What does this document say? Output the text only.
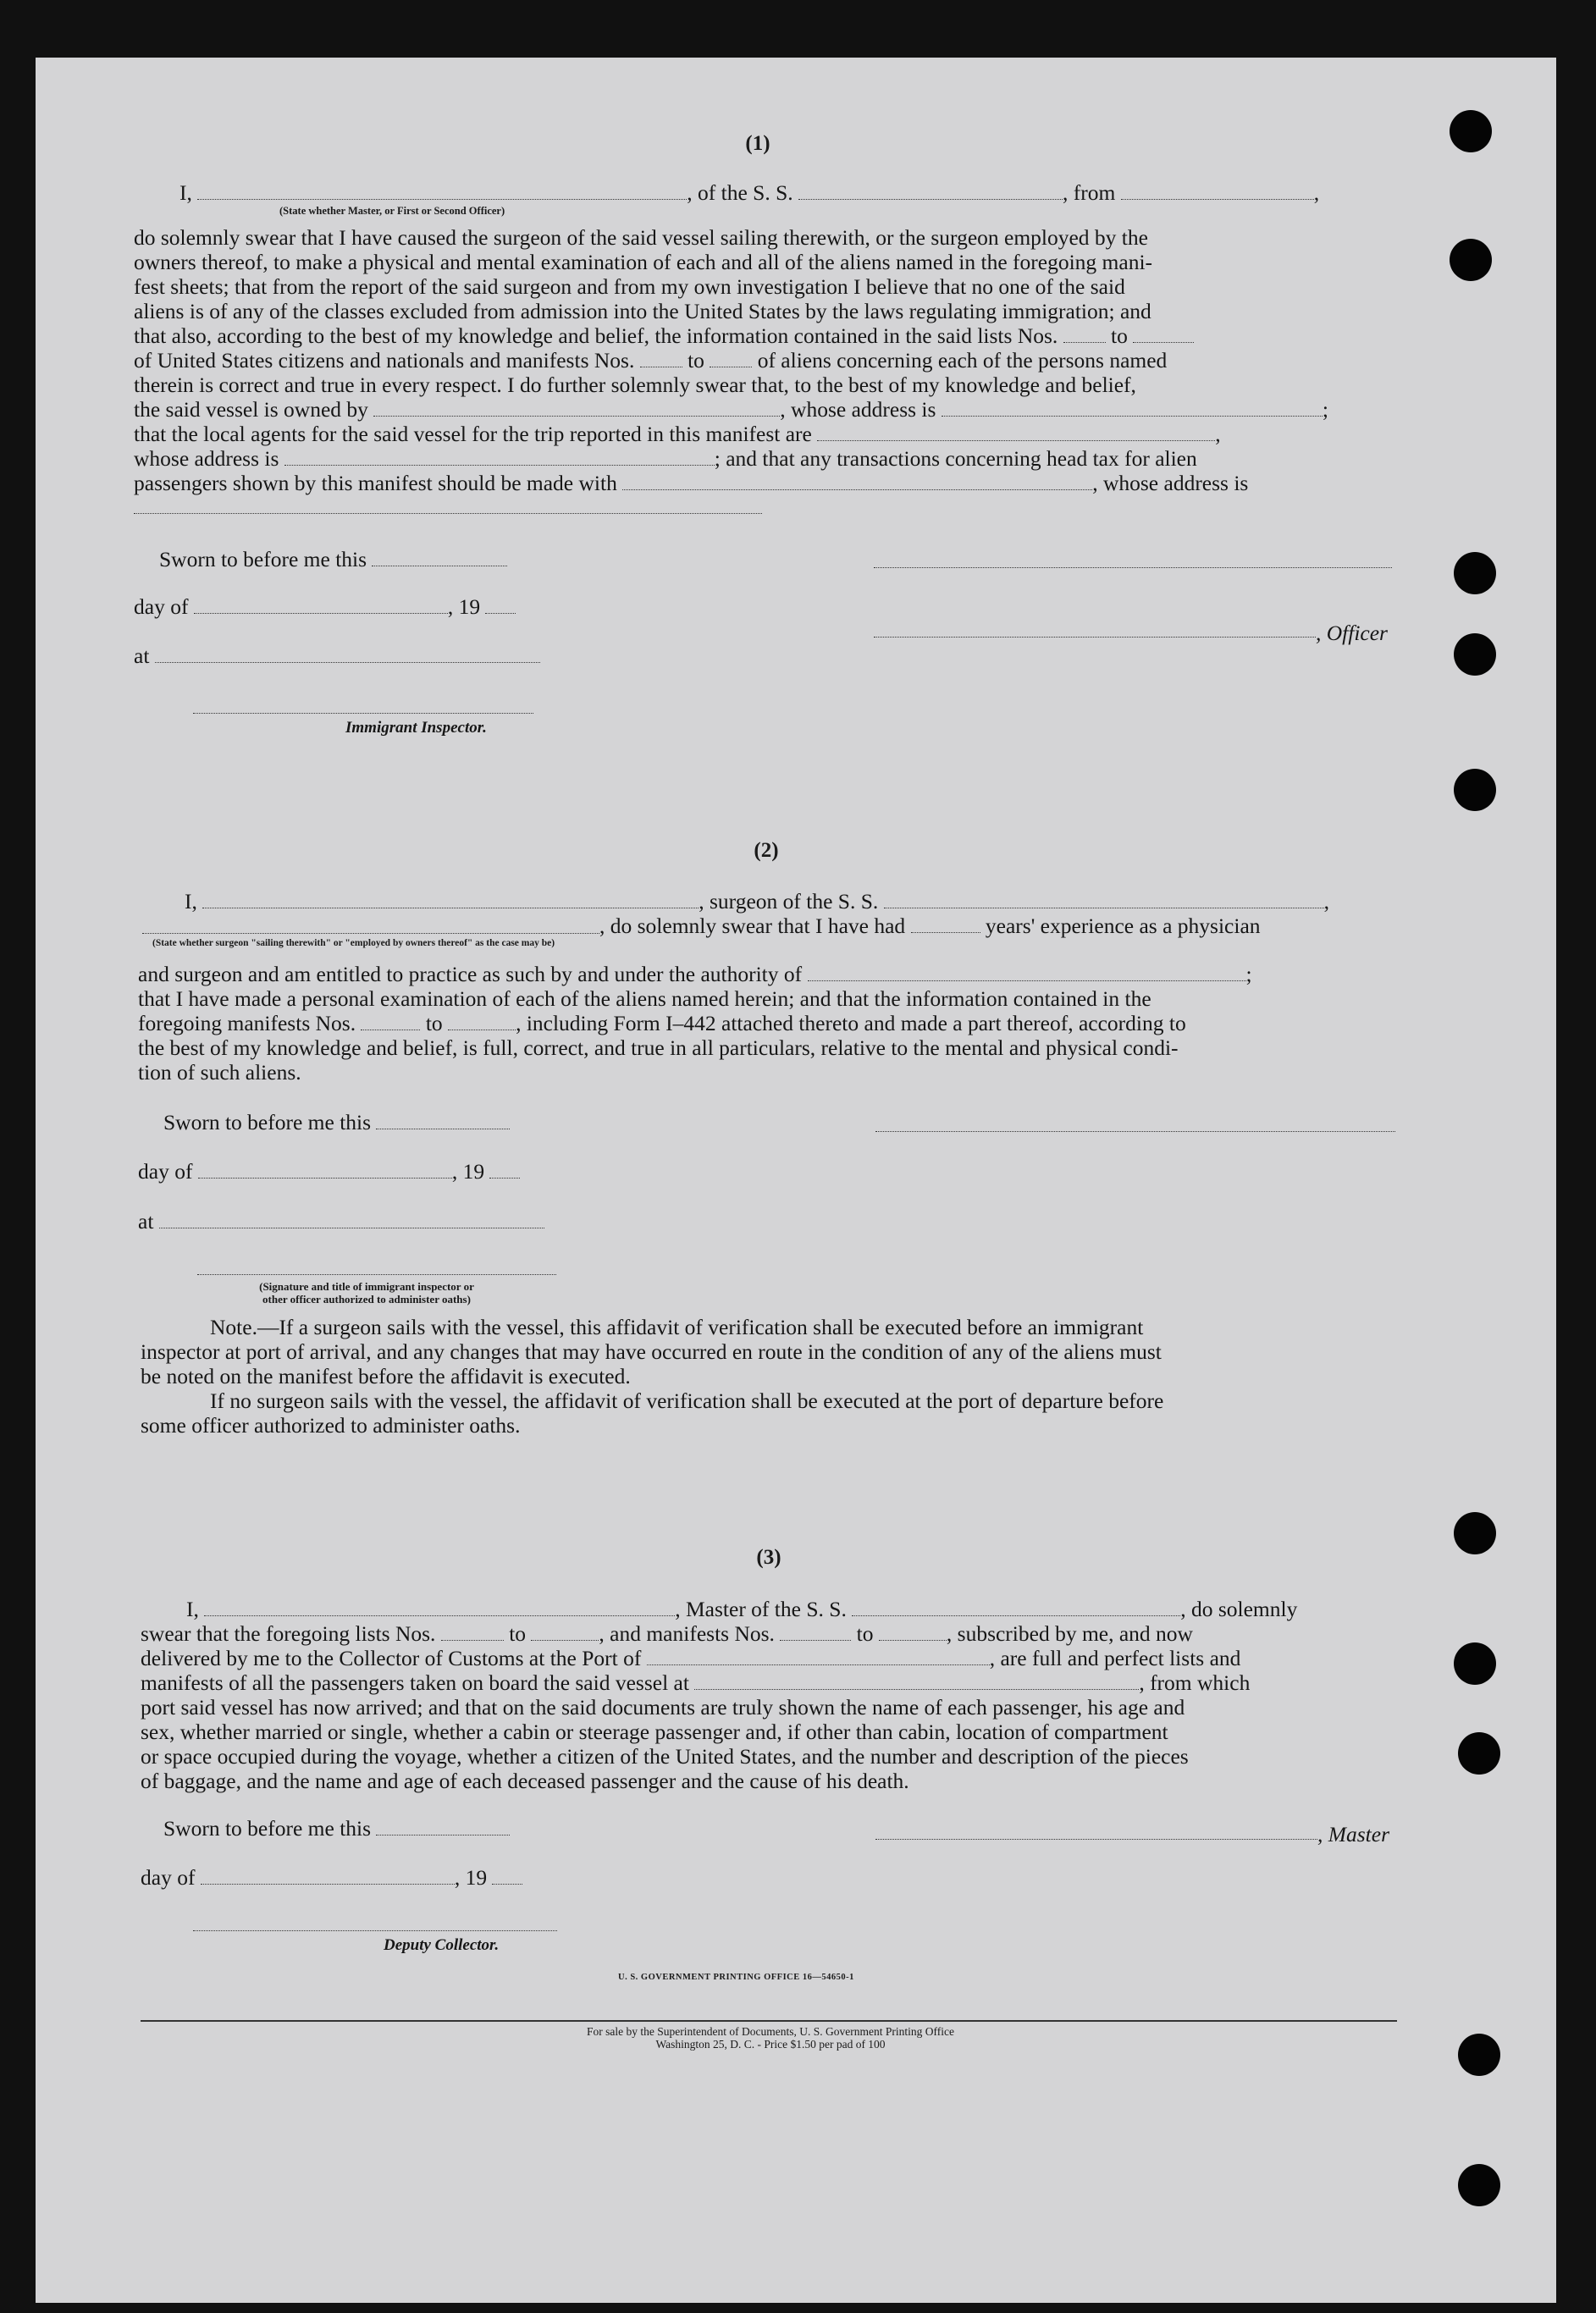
(1)
I,	, of the S. S.	, from	,
(State whether Master, or First or Second Officer)
do solemnly swear that I have caused the surgeon of the said vessel sailing therewith, or the surgeon employed by the
owners thereof, to make a physical and mental examination of each and all of the aliens named in the foregoing mani-
fest sheets; that from the report of the said surgeon and from my own investigation I believe that no one of the said
aliens is of any of the classes excluded from admission into the United States by the laws regulating immigration; and
that also, according to the best of my knowledge and belief, the information contained in the said lists Nos. to
of United States citizens and nationals and manifests Nos. to of aliens concerning each of the persons named
therein is correct and true in every respect. I do further solemnly swear that, to the best of my knowledge and belief,
the said vessel is owned by	, whose address is	;
that the local agents for the said vessel for the trip reported in this manifest are	,
whose address is	; and that any transactions concerning head tax for alien
passengers shown by this manifest should be made with	, whose address is
Sworn to before me this
day of	, 19
, Officer
at
Immigrant Inspector.
(2)
I,	, surgeon of the S. S.	,
, do solemnly swear that I have had	years' experience as a physician
(State whether surgeon "sailing therewith" or "employed by owners thereof" as the case may be)
and surgeon and am entitled to practice as such by and under the authority of	;
that I have made a personal examination of each of the aliens named herein; and that the information contained in the
foregoing manifests Nos.	to	, including Form I–442 attached thereto and made a part thereof, according to
the best of my knowledge and belief, is full, correct, and true in all particulars, relative to the mental and physical condi-
tion of such aliens.
Sworn to before me this
day of	, 19
at
(Signature and title of immigrant inspector or
other officer authorized to administer oaths)
Note.—If a surgeon sails with the vessel, this affidavit of verification shall be executed before an immigrant
inspector at port of arrival, and any changes that may have occurred en route in the condition of any of the aliens must
be noted on the manifest before the affidavit is executed.
If no surgeon sails with the vessel, the affidavit of verification shall be executed at the port of departure before
some officer authorized to administer oaths.
(3)
I,	, Master of the S. S.	, do solemnly
swear that the foregoing lists Nos.	to	, and manifests Nos.	to	, subscribed by me, and now
delivered by me to the Collector of Customs at the Port of	, are full and perfect lists and
manifests of all the passengers taken on board the said vessel at	, from which
port said vessel has now arrived; and that on the said documents are truly shown the name of each passenger, his age and
sex, whether married or single, whether a cabin or steerage passenger and, if other than cabin, location of compartment
or space occupied during the voyage, whether a citizen of the United States, and the number and description of the pieces
of baggage, and the name and age of each deceased passenger and the cause of his death.
Sworn to before me this	, Master
day of	, 19
Deputy Collector.
U. S. GOVERNMENT PRINTING OFFICE 16—54650-1
For sale by the Superintendent of Documents, U. S. Government Printing Office
Washington 25, D. C. - Price $1.50 per pad of 100
